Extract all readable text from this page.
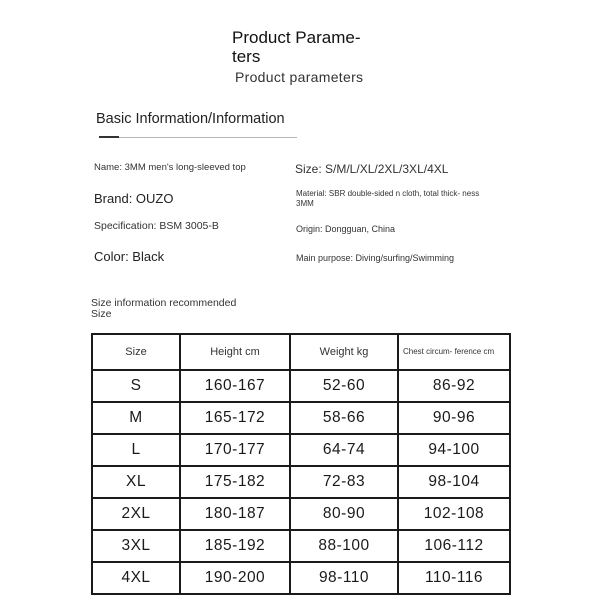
Product Parame- ters
Product parameters
Basic Information/Information
Name: 3MM men's long-sleeved top	Size: S/M/L/XL/2XL/3XL/4XL
Brand: OUZO	Material: SBR double-sided n cloth, total thick- ness 3MM
Specification: BSM 3005-B	Origin: Dongguan, China
Color: Black	Main purpose: Diving/surfing/Swimming
Size information recommended
Size
Size	Height cm	Weight kg	Chest circum- ference cm
S	160-167	52-60	86-92
M	165-172	58-66	90-96
L	170-177	64-74	94-100
XL	175-182	72-83	98-104
2XL	180-187	80-90	102-108
3XL	185-192	88-100	106-112
4XL	190-200	98-110	110-116
